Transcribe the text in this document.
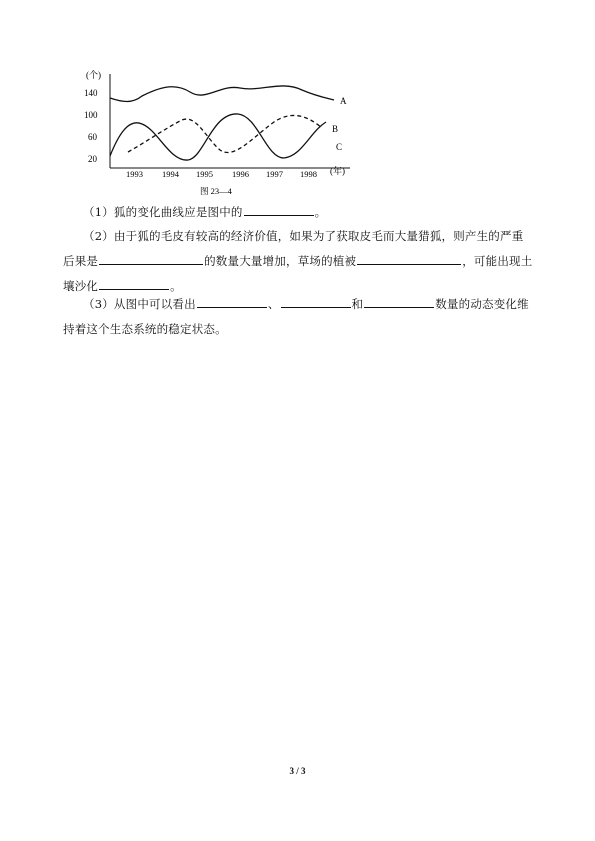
(个)
(年)
140
100
60
20
1993 1994 1995 1996 1997 1998
A
B
C
图 23—4
（1）狐的变化曲线应是图中的	。
（2）由于狐的毛皮有较高的经济价值，如果为了获取皮毛而大量猎狐，则产生的严重后果是	的数量大量增加，草场的植被	，可能出现土壤沙化	。
（3）从图中可以看出	、	和	数量的动态变化维持着这个生态系统的稳定状态。
3 / 3
